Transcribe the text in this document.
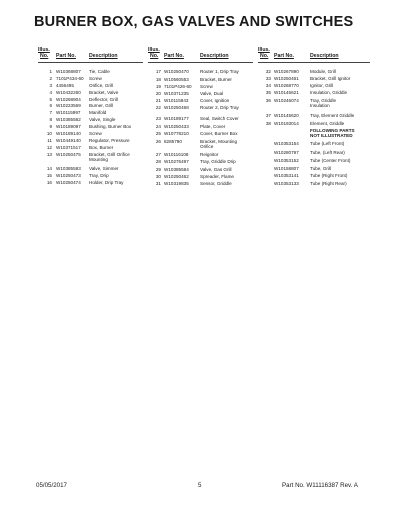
BURNER BOX, GAS VALVES AND SWITCHES
Illus.
No. Part No.	Description
1 W10368807 Tie, Cable
2 7101P434-60 Screw
3 4456495	Orifice, Grill
4 W10432260 Bracket, Valve
5 W10268904 Deflector, Grill
6 W10223569 Burner, Grill
7 W10115997 Manifold
8 W10385582 Valve, Single
9 W10189097 Bushing, Burner Box
10 W10189140 Screw
11 W10449140 Regulator, Pressure
12 W10371517 Box, Burner
13 W10250475 Bracket, Grill Orifice
Mounting
14 W10385583 Valve, Simmer
15 W10250473 Tray, Drip
16 W10250474 Holder, Drip Tray
Illus.
No. Part No.	Description
17 W10250470 Router 1, Drip Tray
18 W10560553 Bracket, Burner
19 7101P426-60 Screw
20 W10371235 Valve, Dual
21 W10115843	Cover, Ignition
22 W10250468 Router 2, Drip Tray
23 W10189177 Seal, Switch Cover
24 W10250433 Plate, Cover
25 W10778210 Cover, Burner Box
26 8285790	Bracket, Mounting
Orifice
27 W10116108	Reignitor
28 W10276497 Tray, Griddle Drip
29 W10385584 Valve, Gas Grill
30 W10250462 Spreader, Flame
31 W10319835 Sensor, Griddle
Illus.
No. Part No.	Description
32 W10267890 Module, Grill
33 W10250461 Bracket, Grill Ignitor
34 W10268770 Ignitor, Grill
35 W10145621 Insulation, Griddle
36 W10246074 Tray, Griddle
Insulation
37 W10145620 Tray, Element Griddle
38 W10193014 Element, Griddle
FOLLOWING PARTS
NOT ILLUSTRATED
W10353154 Tube (Left Front)
W10280797 Tube, (Left Rear)
W10353152 Tube (Center Front)
W10158807 Tube, Grill
W10353141 Tube (Right Front)
W10353133 Tube (Right Rear)
05/05/2017	5	Part No. W11116387 Rev. A
